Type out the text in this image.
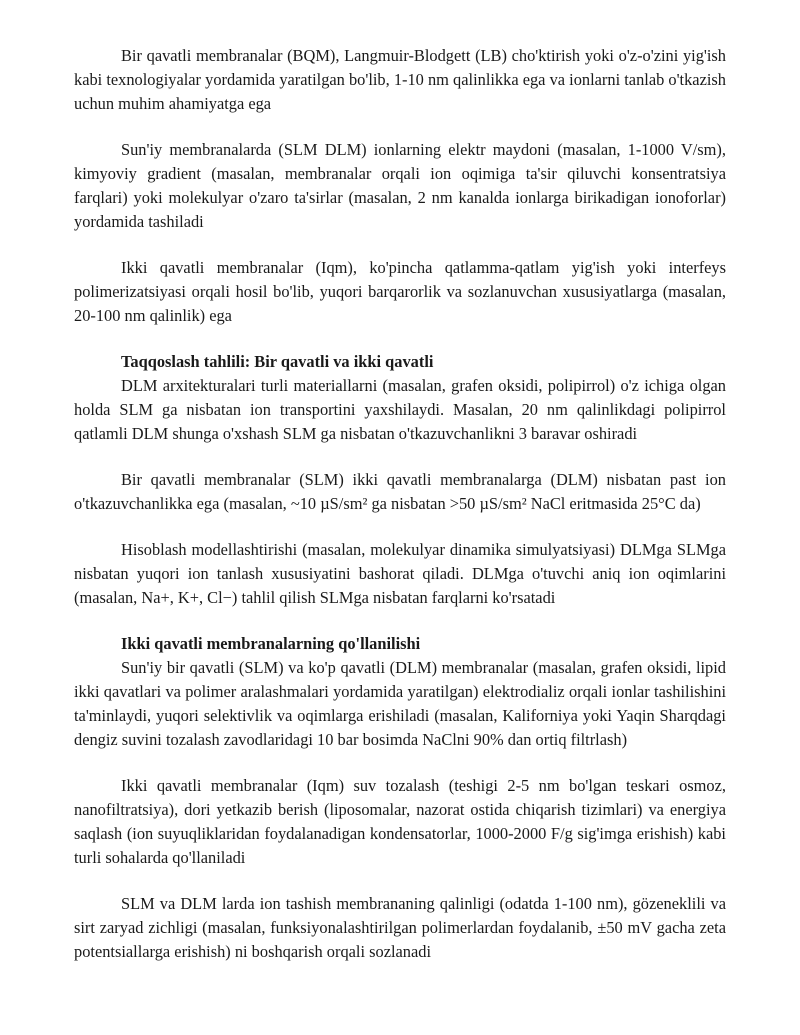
Bir qavatli membranalar (BQM), Langmuir-Blodgett (LB) cho'ktirish yoki o'z-o'zini yig'ish kabi texnologiyalar yordamida yaratilgan bo'lib, 1-10 nm qalinlikka ega va ionlarni tanlab o'tkazish uchun muhim ahamiyatga ega

Sun'iy membranalarda (SLM DLM) ionlarning elektr maydoni (masalan, 1-1000 V/sm), kimyoviy gradient (masalan, membranalar orqali ion oqimiga ta'sir qiluvchi konsentratsiya farqlari) yoki molekulyar o'zaro ta'sirlar (masalan, 2 nm kanalda ionlarga birikadigan ionoforlar) yordamida tashiladi

Ikki qavatli membranalar (Iqm), ko'pincha qatlamma-qatlam yig'ish yoki interfeys polimerizatsiyasi orqali hosil bo'lib, yuqori barqarorlik va sozlanuvchan xususiyatlarga (masalan, 20-100 nm qalinlik) ega

Taqqoslash tahlili: Bir qavatli va ikki qavatli

DLM arxitekturalari turli materiallarni (masalan, grafen oksidi, polipirrol) o'z ichiga olgan holda SLM ga nisbatan ion transportini yaxshilaydi. Masalan, 20 nm qalinlikdagi polipirrol qatlamli DLM shunga o'xshash SLM ga nisbatan o'tkazuvchanlikni 3 baravar oshiradi

Bir qavatli membranalar (SLM) ikki qavatli membranalarga (DLM) nisbatan past ion o'tkazuvchanlikka ega (masalan, ~10 µS/sm² ga nisbatan >50 µS/sm² NaCl eritmasida 25°C da)

Hisoblash modellashtirishi (masalan, molekulyar dinamika simulyatsiyasi) DLMga SLMga nisbatan yuqori ion tanlash xususiyatini bashorat qiladi. DLMga o'tuvchi aniq ion oqimlarini (masalan, Na+, K+, Cl−) tahlil qilish SLMga nisbatan farqlarni ko'rsatadi

Ikki qavatli membranalarning qo'llanilishi

Sun'iy bir qavatli (SLM) va ko'p qavatli (DLM) membranalar (masalan, grafen oksidi, lipid ikki qavatlari va polimer aralashmalari yordamida yaratilgan) elektrodializ orqali ionlar tashilishini ta'minlaydi, yuqori selektivlik va oqimlarga erishiladi (masalan, Kaliforniya yoki Yaqin Sharqdagi dengiz suvini tozalash zavodlaridagi 10 bar bosimda NaClni 90% dan ortiq filtrlash)

Ikki qavatli membranalar (Iqm) suv tozalash (teshigi 2-5 nm bo'lgan teskari osmoz, nanofiltratsiya), dori yetkazib berish (liposomalar, nazorat ostida chiqarish tizimlari) va energiya saqlash (ion suyuqliklaridan foydalanadigan kondensatorlar, 1000-2000 F/g sig'imga erishish) kabi turli sohalarda qo'llaniladi

SLM va DLM larda ion tashish membrananing qalinligi (odatda 1-100 nm), gözeneklili va sirt zaryad zichligi (masalan, funksiyonalashtirilgan polimerlardan foydalanib, ±50 mV gacha zeta potentsiallarga erishish) ni boshqarish orqali sozlanadi
